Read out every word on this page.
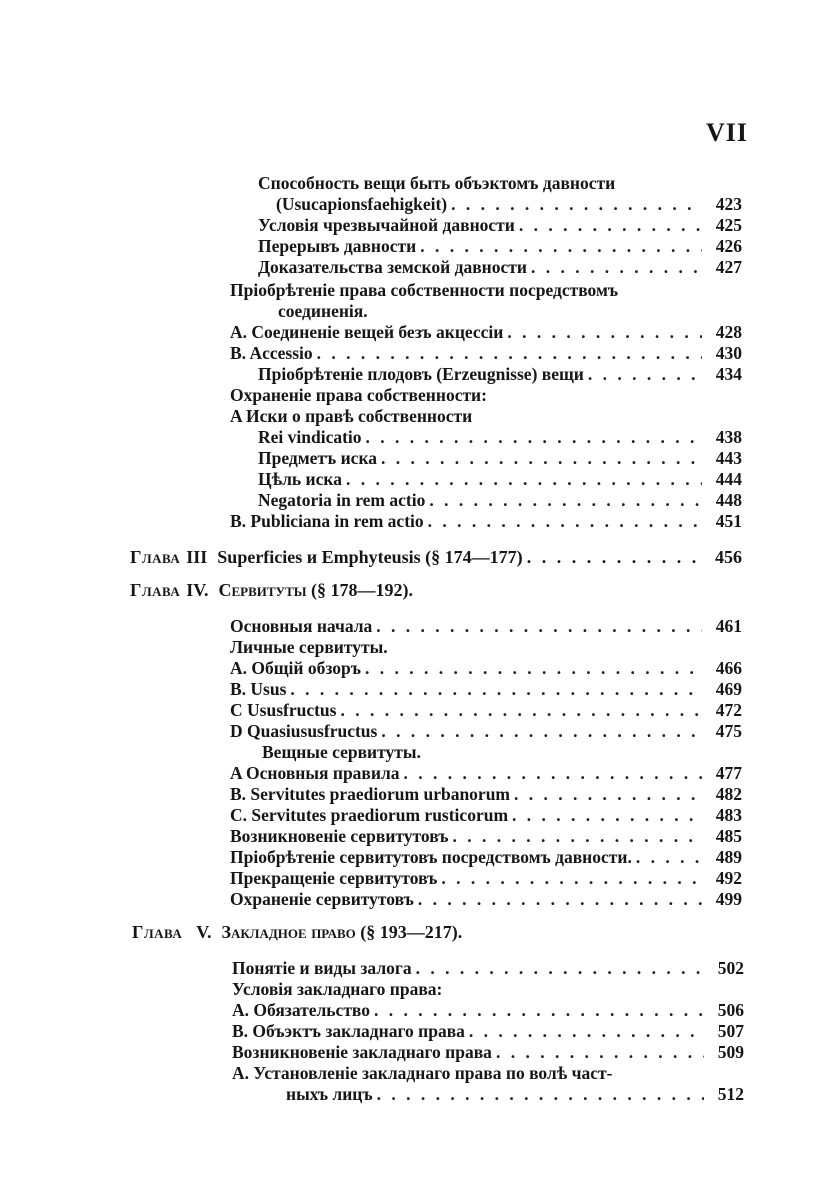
VII
Способность вещи быть объэктомъ давности
(Usucapionsfaehigkeit) . . .	423
Условія чрезвычайной давности . . .	425
Перерывъ давности . . .	426
Доказательства земской давности . . .	427
Пріобрѣтеніе права собственности посредствомъ
соединенія.
A. Соединеніе вещей безъ акцессіи . . .	428
B. Accessio . . .	430
Пріобрѣтеніе плодовъ (Erzeugnisse) вещи . . .	434
Охраненіе права собственности:
A Иски о правѣ собственности
Rei vindicatio . . .	438
Предметъ иска . . .	443
Цѣль иска . . .	444
Negatoria in rem actio . . .	448
B. Publiciana in rem actio . . .	451
Глава III Superficies и Emphyteusis (§ 174—177) . . .	456
Глава IV. Сервитуты (§ 178—192).
Основныя начала . . .	461
Личные сервитуты.
A. Общій обзоръ . . .	466
B. Usus . . .	469
C Ususfructus . . .	472
D Quasiususfructus . . .	475
Вещные сервитуты.
A Основныя правила . . .	477
B. Servitutes praediorum urbanorum . . .	482
C. Servitutes praediorum rusticorum . . .	483
Возникновеніе сервитутовъ . . .	485
Пріобрѣтеніе сервитутовъ посредствомъ давности. . . .	489
Прекращеніе сервитутовъ . . .	492
Охраненіе сервитутовъ . . .	499
Глава V. Закладное право (§ 193—217).
Понятіе и виды залога . . .	502
Условія закладнаго права:
A. Обязательство . . .	506
B. Объэктъ закладнаго права . . .	507
Возникновеніе закладнаго права . . .	509
A. Установленіе закладнаго права по волѣ част-
ныхъ лицъ . . .	512
